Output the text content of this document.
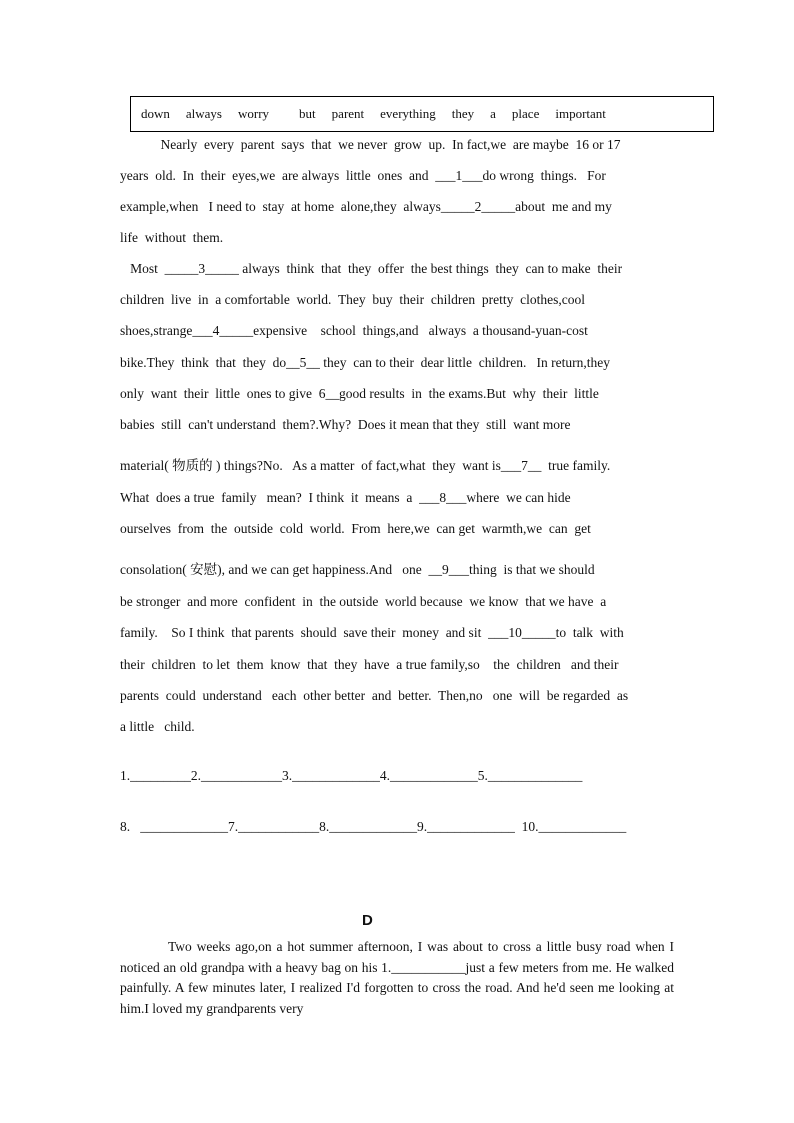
down always worry but parent everything they a place important
Nearly  every  parent  says  that  we never  grow  up.  In fact,we  are maybe  16 or 17
years  old.  In  their  eyes,we  are always  little  ones  and  ___1___do wrong  things.   For
example,when   I need to  stay  at home  alone,they  always_____2_____about  me and my
life  without  them.
Most  _____3_____ always  think  that  they  offer  the best things  they  can to make  their
children  live  in  a comfortable  world.  They  buy  their  children  pretty  clothes,cool
shoes,strange___4_____expensive    school  things,and   always  a thousand-yuan-cost
bike.They  think  that  they  do__5__ they  can to their  dear little  children.   In return,they
only  want  their  little  ones to give  6__good results  in  the exams.But  why  their  little
babies  still  can't understand  them?.Why?  Does it mean that they  still  want more
material( 物质的 ) things?No.   As a matter  of fact,what  they  want is___7__  true family.
What  does a true  family   mean?  I think  it  means  a  ___8___where  we can hide
ourselves  from  the  outside  cold  world.  From  here,we  can get  warmth,we  can  get
consolation( 安慰), and we can get happiness.And   one  __9___thing  is that we should
be stronger  and more  confident  in  the outside  world because  we know  that we have  a
family.    So I think  that parents  should  save their  money  and sit  ___10_____to  talk  with
their  children  to let  them  know  that  they  have  a true family,so    the  children   and their
parents  could  understand   each  other better  and  better.  Then,no   one  will  be regarded  as
a little   child.
1._________2.____________3._____________4._____________5.______________
8.   _____________7.____________8._____________9._____________  10._____________
D

Two weeks ago,on a hot summer afternoon, I was about to cross a little busy road when I noticed an old grandpa with a heavy bag on his 1.___________just a few meters from me. He walked painfully. A few minutes later, I realized I'd forgotten to cross the road. And he'd seen me looking at him.I loved my grandparents very
